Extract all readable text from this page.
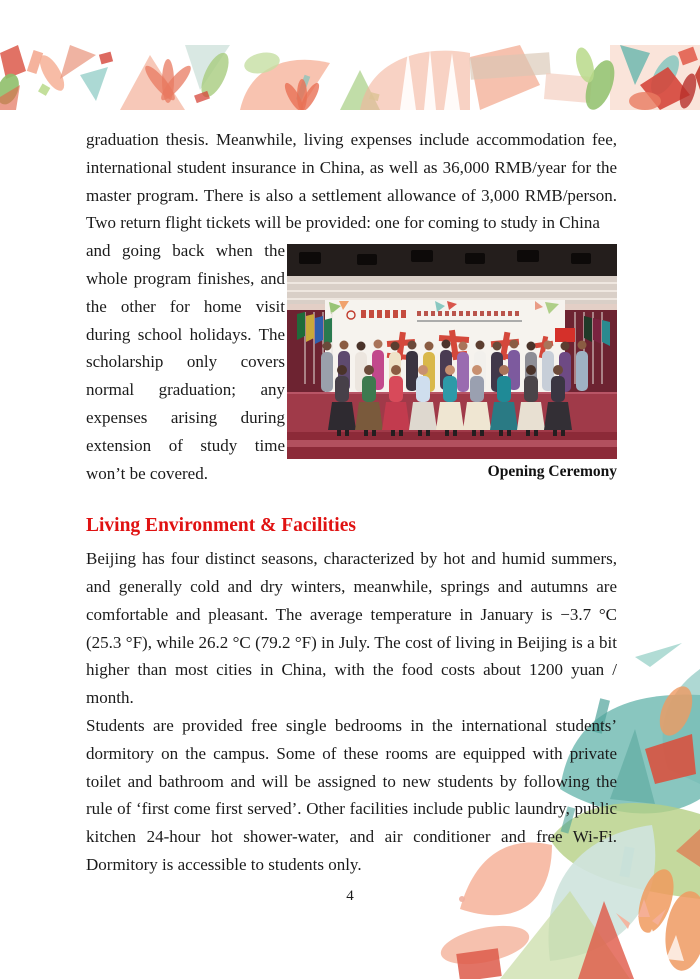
graduation thesis. Meanwhile, living expenses include accommodation fee, international student insurance in China, as well as 36,000 RMB/year for the master program. There is also a settlement allowance of 3,000 RMB/person. Two return flight tickets will be provided: one for coming to study in China

Opening Ceremony

and going back when the whole program finishes, and the other for home visit during school holidays. The scholarship only covers normal graduation; any expenses arising during extension of study time won’t be covered.

Living Environment & Facilities

Beijing has four distinct seasons, characterized by hot and humid summers, and generally cold and dry winters, meanwhile, springs and autumns are comfortable and pleasant. The average temperature in January is −3.7 °C (25.3 °F), while 26.2 °C (79.2 °F) in July. The cost of living in Beijing is a bit higher than most cities in China, with the food costs about 1200 yuan / month.

Students are provided free single bedrooms in the international students’ dormitory on the campus. Some of these rooms are equipped with private toilet and bathroom and will be assigned to new students by following the rule of ‘first come first served’. Other facilities include public laundry, public kitchen 24-hour hot shower-water, and air conditioner and free Wi-Fi. Dormitory is accessible to students only.

4
